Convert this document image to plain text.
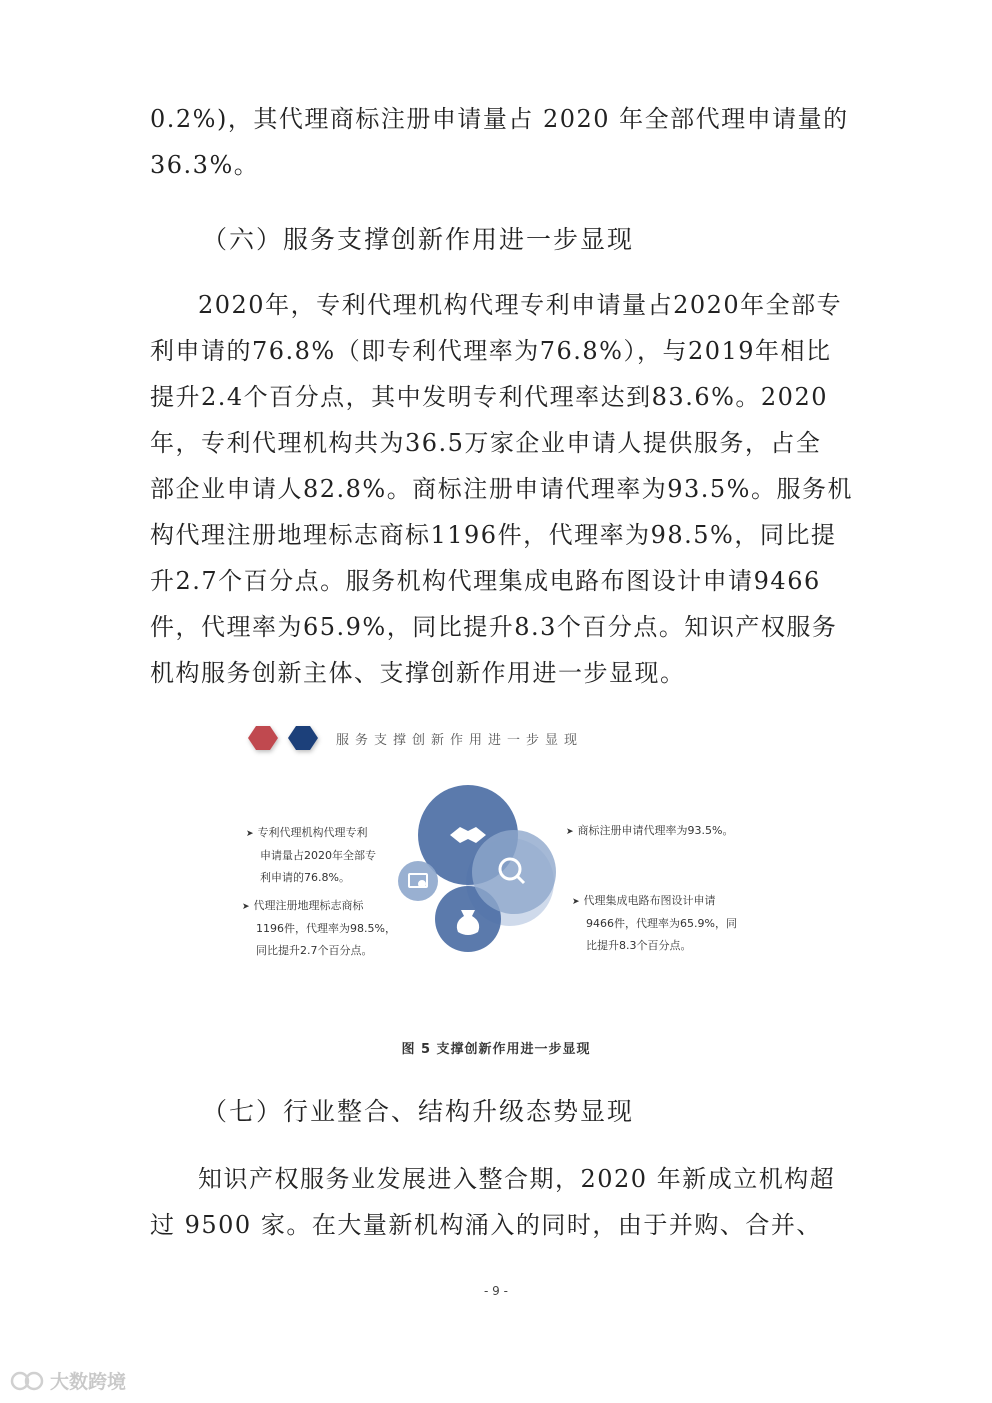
0.2%)，其代理商标注册申请量占 2020 年全部代理申请量的
36.3%。

（六）服务支撑创新作用进一步显现

2020年，专利代理机构代理专利申请量占2020年全部专
利申请的76.8%（即专利代理率为76.8%），与2019年相比
提升2.4个百分点，其中发明专利代理率达到83.6%。2020
年，专利代理机构共为36.5万家企业申请人提供服务，占全
部企业申请人82.8%。商标注册申请代理率为93.5%。服务机
构代理注册地理标志商标1196件，代理率为98.5%，同比提
升2.7个百分点。服务机构代理集成电路布图设计申请9466
件，代理率为65.9%，同比提升8.3个百分点。知识产权服务
机构服务创新主体、支撑创新作用进一步显现。

服务支撑创新作用进一步显现
➤ 专利代理机构代理专利
申请量占2020年全部专
利申请的76.8%。
➤ 代理注册地理标志商标
1196件，代理率为98.5%，
同比提升2.7个百分点。
➤ 商标注册申请代理率为93.5%。
➤ 代理集成电路布图设计申请
9466件，代理率为65.9%，同
比提升8.3个百分点。
图 5 支撑创新作用进一步显现
（七）行业整合、结构升级态势显现

知识产权服务业发展进入整合期，2020 年新成立机构超
过 9500 家。在大量新机构涌入的同时，由于并购、合并、

- 9 -
大数跨境
